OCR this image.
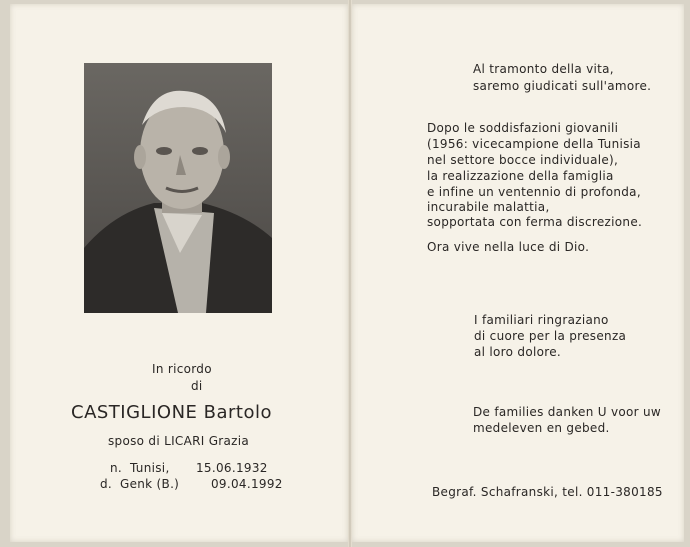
In ricordo
di
CASTIGLIONE Bartolo
sposo di LICARI Grazia
n. Tunisi, 15.06.1932
d. Genk (B.)	09.04.1992
Al tramonto della vita,
saremo giudicati sull'amore.
Dopo le soddisfazioni giovanili
(1956: vicecampione della Tunisia
nel settore bocce individuale),
la realizzazione della famiglia
e infine un ventennio di profonda,
incurabile malattia,
sopportata con ferma discrezione.
Ora vive nella luce di Dio.
I familiari ringraziano
di cuore per la presenza
al loro dolore.
De families danken U voor uw
medeleven en gebed.
Begraf. Schafranski, tel. 011-380185
